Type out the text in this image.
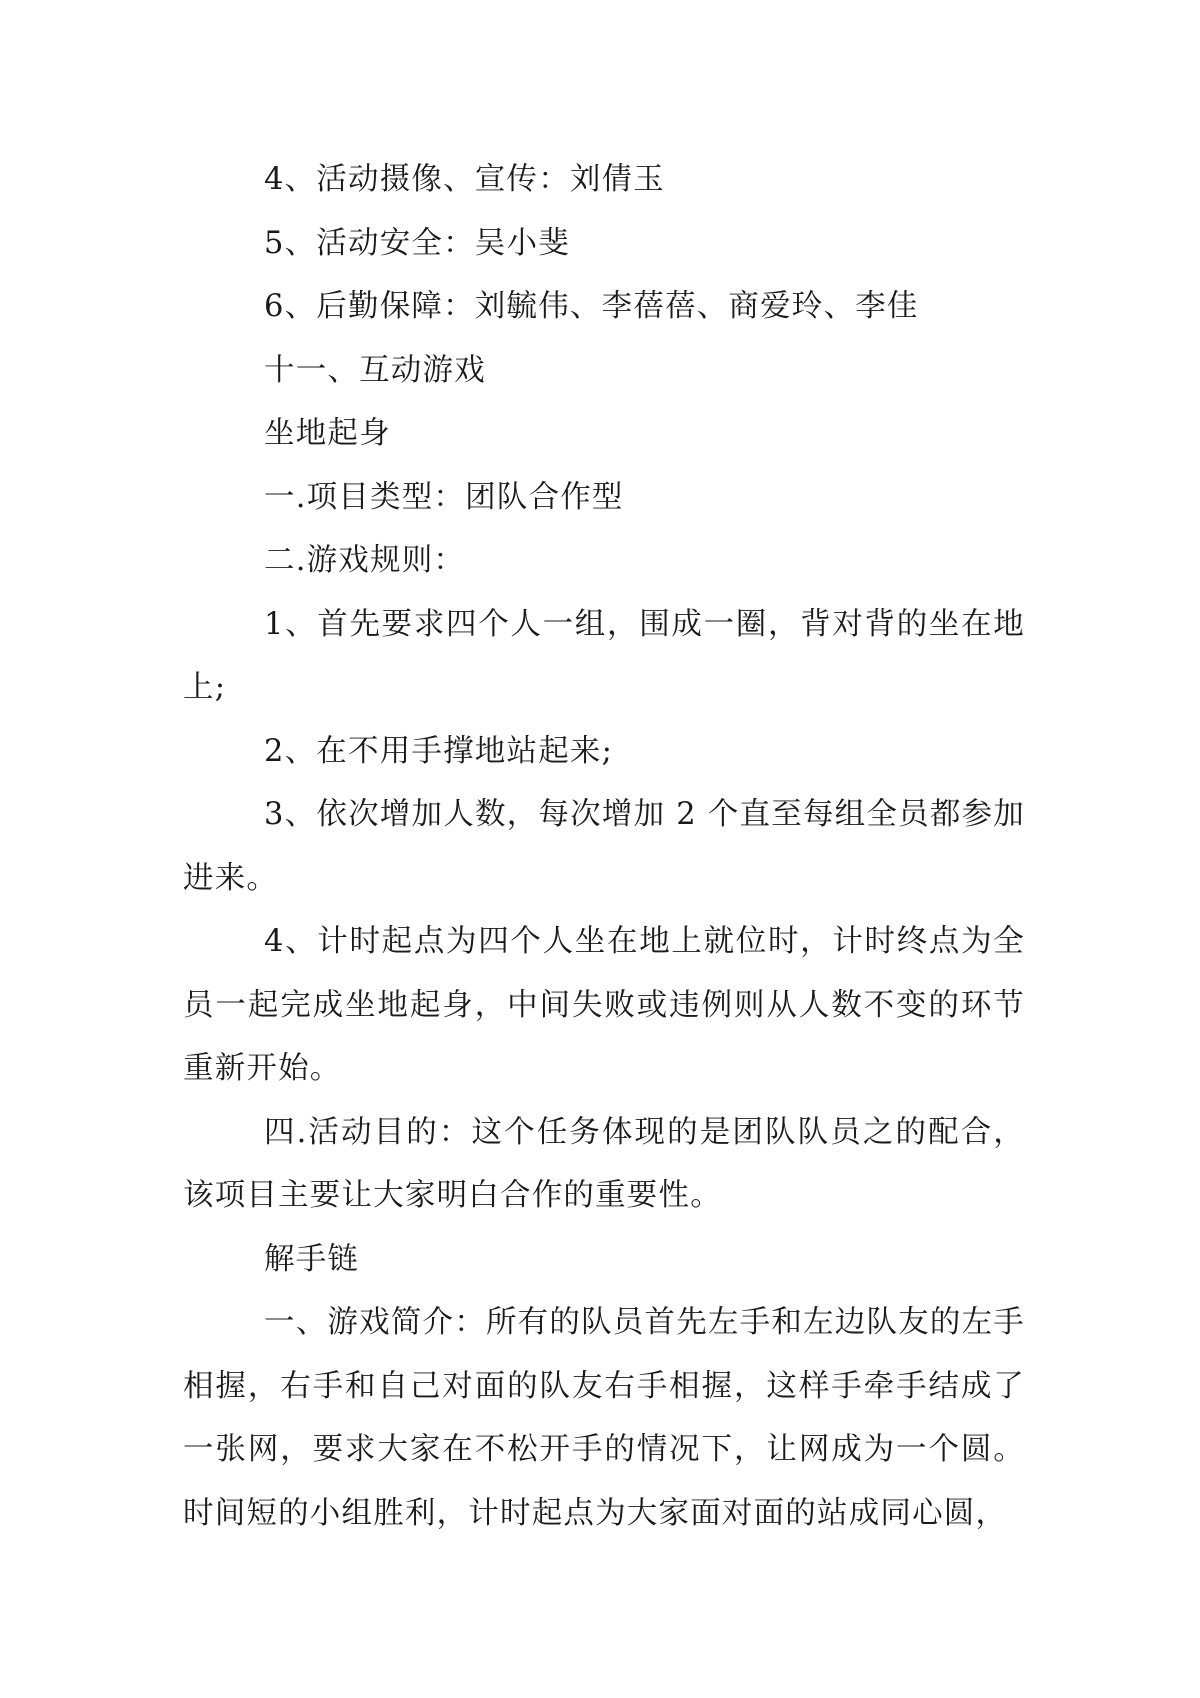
4、活动摄像、宣传：刘倩玉

5、活动安全：吴小斐

6、后勤保障：刘毓伟、李蓓蓓、商爱玲、李佳

十一、互动游戏

坐地起身

一.项目类型：团队合作型

二.游戏规则：

1、首先要求四个人一组，围成一圈，背对背的坐在地上;

2、在不用手撑地站起来;

3、依次增加人数，每次增加 2 个直至每组全员都参加进来。

4、计时起点为四个人坐在地上就位时，计时终点为全员一起完成坐地起身，中间失败或违例则从人数不变的环节重新开始。

四.活动目的：这个任务体现的是团队队员之的配合，该项目主要让大家明白合作的重要性。

解手链

一、游戏简介：所有的队员首先左手和左边队友的左手相握，右手和自己对面的队友右手相握，这样手牵手结成了一张网，要求大家在不松开手的情况下，让网成为一个圆。时间短的小组胜利，计时起点为大家面对面的站成同心圆，
